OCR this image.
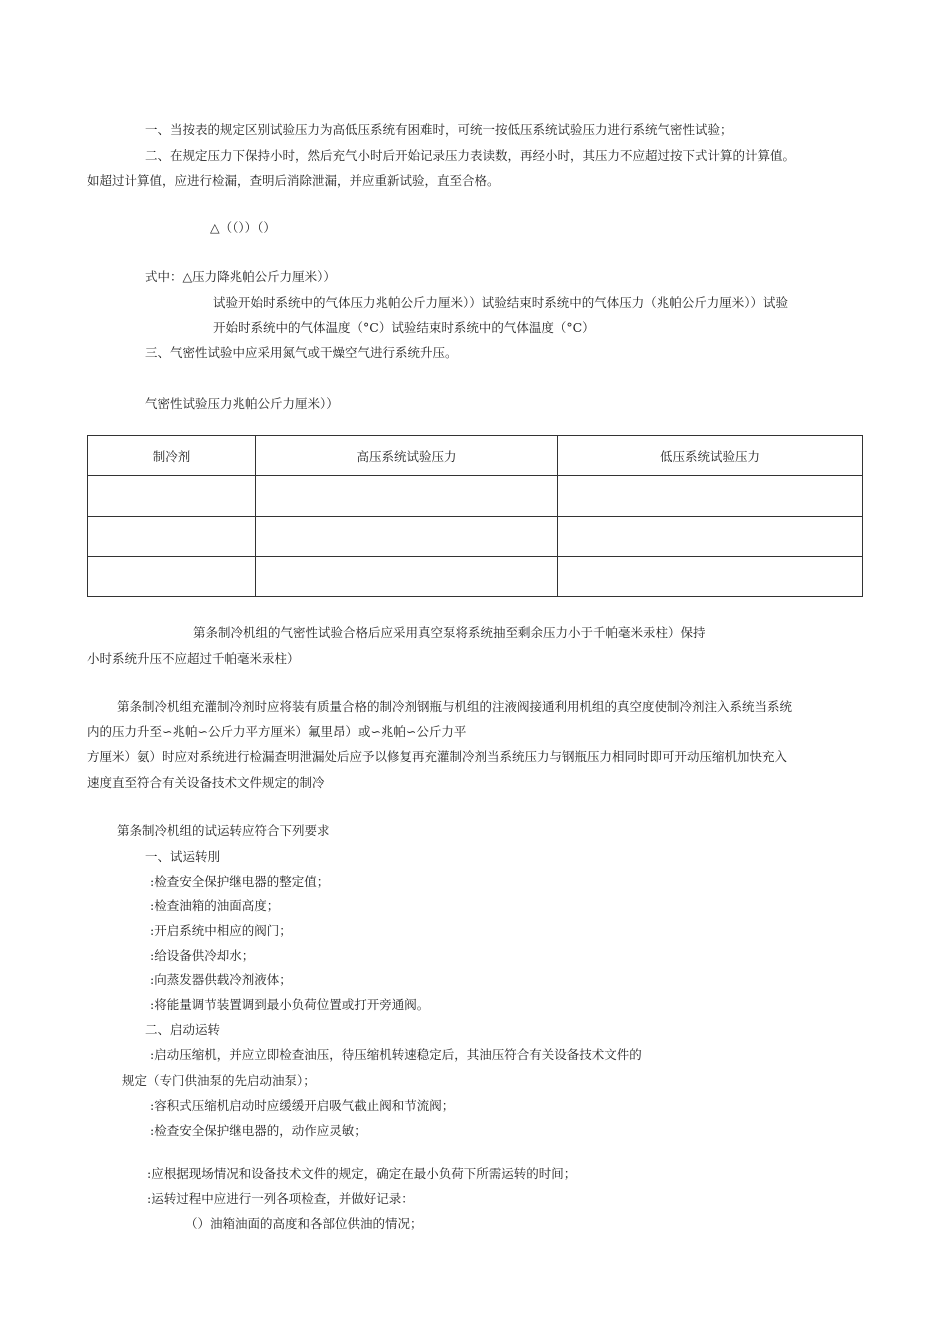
一、当按表的规定区别试验压力为高低压系统有困难时，可统一按低压系统试验压力进行系统气密性试验；
二、在规定压力下保持小时，然后充气小时后开始记录压力表读数，再经小时，其压力不应超过按下式计算的计算值。
如超过计算值，应进行检漏，查明后消除泄漏，并应重新试验，直至合格。
△（（））（）
式中：△压力降兆帕公斤力厘米））
试验开始时系统中的气体压力兆帕公斤力厘米））试验结束时系统中的气体压力（兆帕公斤力厘米））试验
开始时系统中的气体温度（°C）试验结束时系统中的气体温度（°C）
三、气密性试验中应采用氮气或干燥空气进行系统升压。
气密性试验压力兆帕公斤力厘米））
制冷剂	高压系统试验压力	低压系统试验压力

第条制冷机组的气密性试验合格后应采用真空泵将系统抽至剩余压力小于千帕毫米汞柱）保持
小时系统升压不应超过千帕毫米汞柱）
第条制冷机组充灌制冷剂时应将装有质量合格的制冷剂钢瓶与机组的注液阀接通利用机组的真空度使制冷剂注入系统当系统
内的压力升至∽兆帕∽公斤力平方厘米）氟里昂）或∽兆帕∽公斤力平
方厘米）氨）时应对系统进行检漏查明泄漏处后应予以修复再充灌制冷剂当系统压力与钢瓶压力相同时即可开动压缩机加快充入
速度直至符合有关设备技术文件规定的制冷
第条制冷机组的试运转应符合下列要求
一、试运转刖
:检查安全保护继电器的整定值；
:检查油箱的油面高度；
:开启系统中相应的阀门；
:给设备供冷却水；
:向蒸发器供载冷剂液体；
:将能量调节装置调到最小负荷位置或打开旁通阀。
二、启动运转
:启动压缩机，并应立即检查油压，待压缩机转速稳定后，其油压符合有关设备技术文件的
规定（专门供油泵的先启动油泵）；
:容积式压缩机启动时应缓缓开启吸气截止阀和节流阀；
:检查安全保护继电器的，动作应灵敏；
:应根据现场情况和设备技术文件的规定，确定在最小负荷下所需运转的时间；
:运转过程中应进行一列各项检查，并做好记录：
（）油箱油面的高度和各部位供油的情况；
